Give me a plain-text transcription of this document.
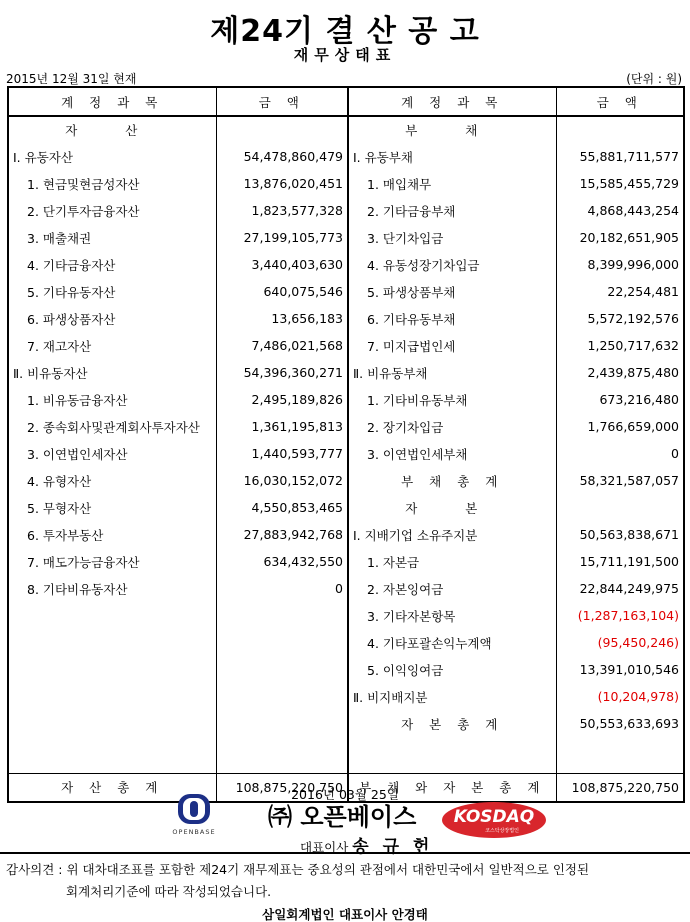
제24기 결 산 공 고
재무상태표
2015년 12월 31일 현재	(단위 : 원)
계 정 과 목	금 액	계 정 과 목	금 액
자 산		부 채	
Ⅰ. 유동자산	54,478,860,479	Ⅰ. 유동부채	55,881,711,577
1. 현금및현금성자산	13,876,020,451	1. 매입채무	15,585,455,729
2. 단기투자금융자산	1,823,577,328	2. 기타금융부채	4,868,443,254
3. 매출채권	27,199,105,773	3. 단기차입금	20,182,651,905
4. 기타금융자산	3,440,403,630	4. 유동성장기차입금	8,399,996,000
5. 기타유동자산	640,075,546	5. 파생상품부채	22,254,481
6. 파생상품자산	13,656,183	6. 기타유동부채	5,572,192,576
7. 재고자산	7,486,021,568	7. 미지급법인세	1,250,717,632
Ⅱ. 비유동자산	54,396,360,271	Ⅱ. 비유동부채	2,439,875,480
1. 비유동금융자산	2,495,189,826	1. 기타비유동부채	673,216,480
2. 종속회사및관계회사투자자산	1,361,195,813	2. 장기차입금	1,766,659,000
3. 이연법인세자산	1,440,593,777	3. 이연법인세부채	0
4. 유형자산	16,030,152,072	부 채 총 계	58,321,587,057
5. 무형자산	4,550,853,465	자 본	
6. 투자부동산	27,883,942,768	Ⅰ. 지배기업 소유주지분	50,563,838,671
7. 매도가능금융자산	634,432,550	1. 자본금	15,711,191,500
8. 기타비유동자산	0	2. 자본잉여금	22,844,249,975
		3. 기타자본항목	(1,287,163,104)
		4. 기타포괄손익누계액	(95,450,246)
		5. 이익잉여금	13,391,010,546
		Ⅱ. 비지배지분	(10,204,978)
		자 본 총 계	50,553,633,693

자 산 총 계	108,875,220,750	부 채 와 자 본 총 계	108,875,220,750
2016년 03월 25일
OPENBASE
㈜ 오픈베이스
대표이사 송 규 헌
KOSDAQ
코스닥상장법인
감사의견 : 위 대차대조표를 포함한 제24기 재무제표는 중요성의 관점에서 대한민국에서 일반적으로 인정된
회계처리기준에 따라 작성되었습니다.
삼일회계법인 대표이사 안경태
